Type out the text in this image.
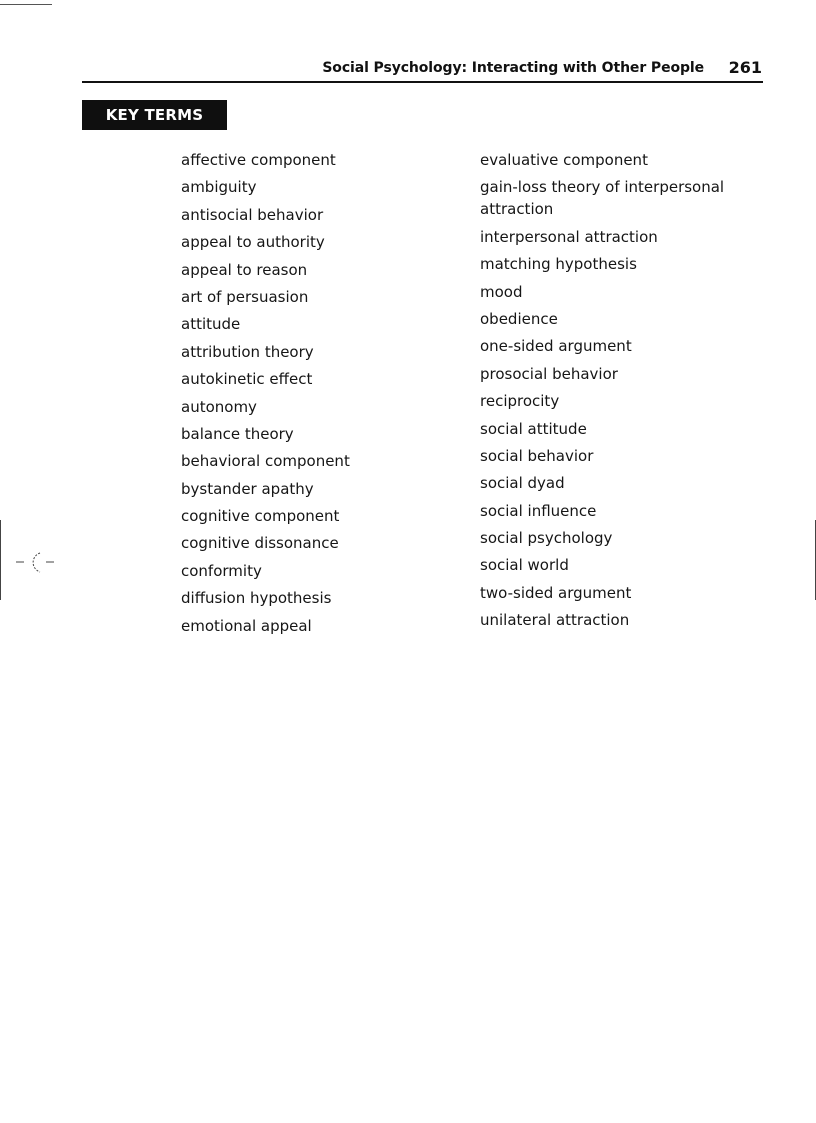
Social Psychology: Interacting with Other People 261
KEY TERMS
affective component
ambiguity
antisocial behavior
appeal to authority
appeal to reason
art of persuasion
attitude
attribution theory
autokinetic effect
autonomy
balance theory
behavioral component
bystander apathy
cognitive component
cognitive dissonance
conformity
diffusion hypothesis
emotional appeal
evaluative component
gain-loss theory of interpersonal attraction
interpersonal attraction
matching hypothesis
mood
obedience
one-sided argument
prosocial behavior
reciprocity
social attitude
social behavior
social dyad
social influence
social psychology
social world
two-sided argument
unilateral attraction
